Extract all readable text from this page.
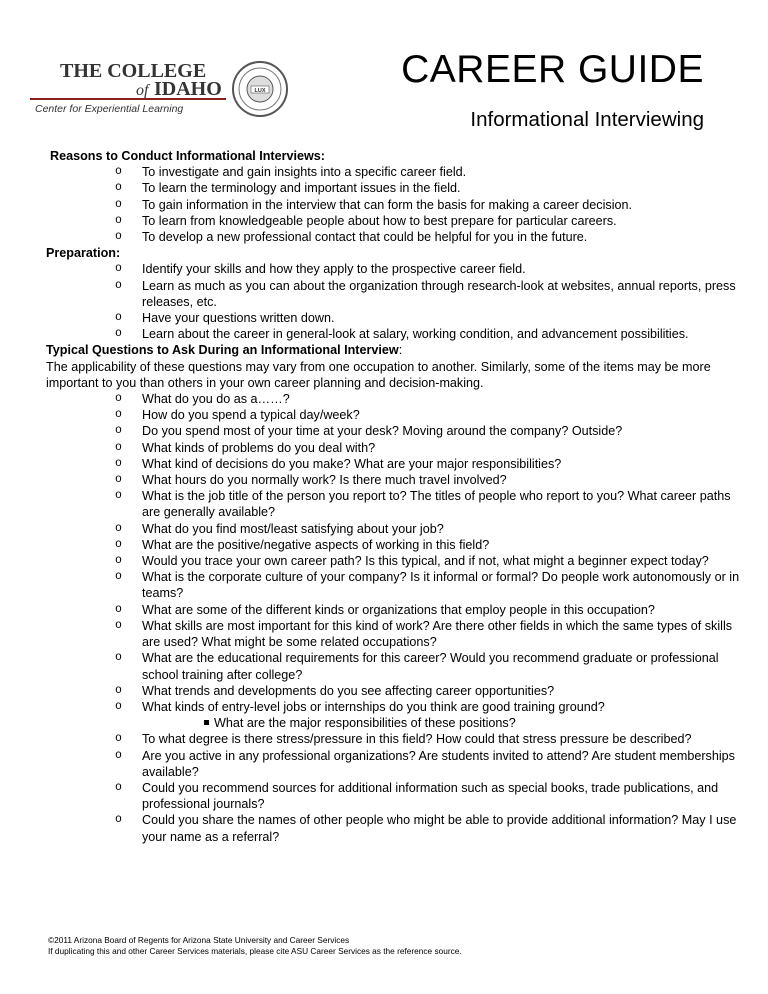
THE COLLEGE
of IDAHO
Center for Experiential Learning
LUX	CAREER GUIDE
Informational Interviewing
Reasons to Conduct Informational Interviews:
o To investigate and gain insights into a specific career field.
o To learn the terminology and important issues in the field.
o To gain information in the interview that can form the basis for making a career decision.
o To learn from knowledgeable people about how to best prepare for particular careers.
o To develop a new professional contact that could be helpful for you in the future.
Preparation:
o Identify your skills and how they apply to the prospective career field.
o Learn as much as you can about the organization through research-look at websites, annual reports, press releases, etc.
o Have your questions written down.
o Learn about the career in general-look at salary, working condition, and advancement possibilities.
Typical Questions to Ask During an Informational Interview:

The applicability of these questions may vary from one occupation to another. Similarly, some of the items may be more important to you than others in your own career planning and decision-making.

o What do you do as a……?
o How do you spend a typical day/week?
o Do you spend most of your time at your desk? Moving around the company? Outside?
o What kinds of problems do you deal with?
o What kind of decisions do you make? What are your major responsibilities?
o What hours do you normally work? Is there much travel involved?
o What is the job title of the person you report to? The titles of people who report to you? What career paths are generally available?
o What do you find most/least satisfying about your job?
o What are the positive/negative aspects of working in this field?
o Would you trace your own career path? Is this typical, and if not, what might a beginner expect today?
o What is the corporate culture of your company? Is it informal or formal? Do people work autonomously or in teams?
o What are some of the different kinds or organizations that employ people in this occupation?
o What skills are most important for this kind of work? Are there other fields in which the same types of skills are used? What might be some related occupations?
o What are the educational requirements for this career? Would you recommend graduate or professional school training after college?
o What trends and developments do you see affecting career opportunities?
o What kinds of entry-level jobs or internships do you think are good training ground?
What are the major responsibilities of these positions?
o To what degree is there stress/pressure in this field? How could that stress pressure be described?
o Are you active in any professional organizations? Are students invited to attend? Are student memberships available?
o Could you recommend sources for additional information such as special books, trade publications, and professional journals?
o Could you share the names of other people who might be able to provide additional information? May I use your name as a referral?
©2011 Arizona Board of Regents for Arizona State University and Career Services
If duplicating this and other Career Services materials, please cite ASU Career Services as the reference source.
